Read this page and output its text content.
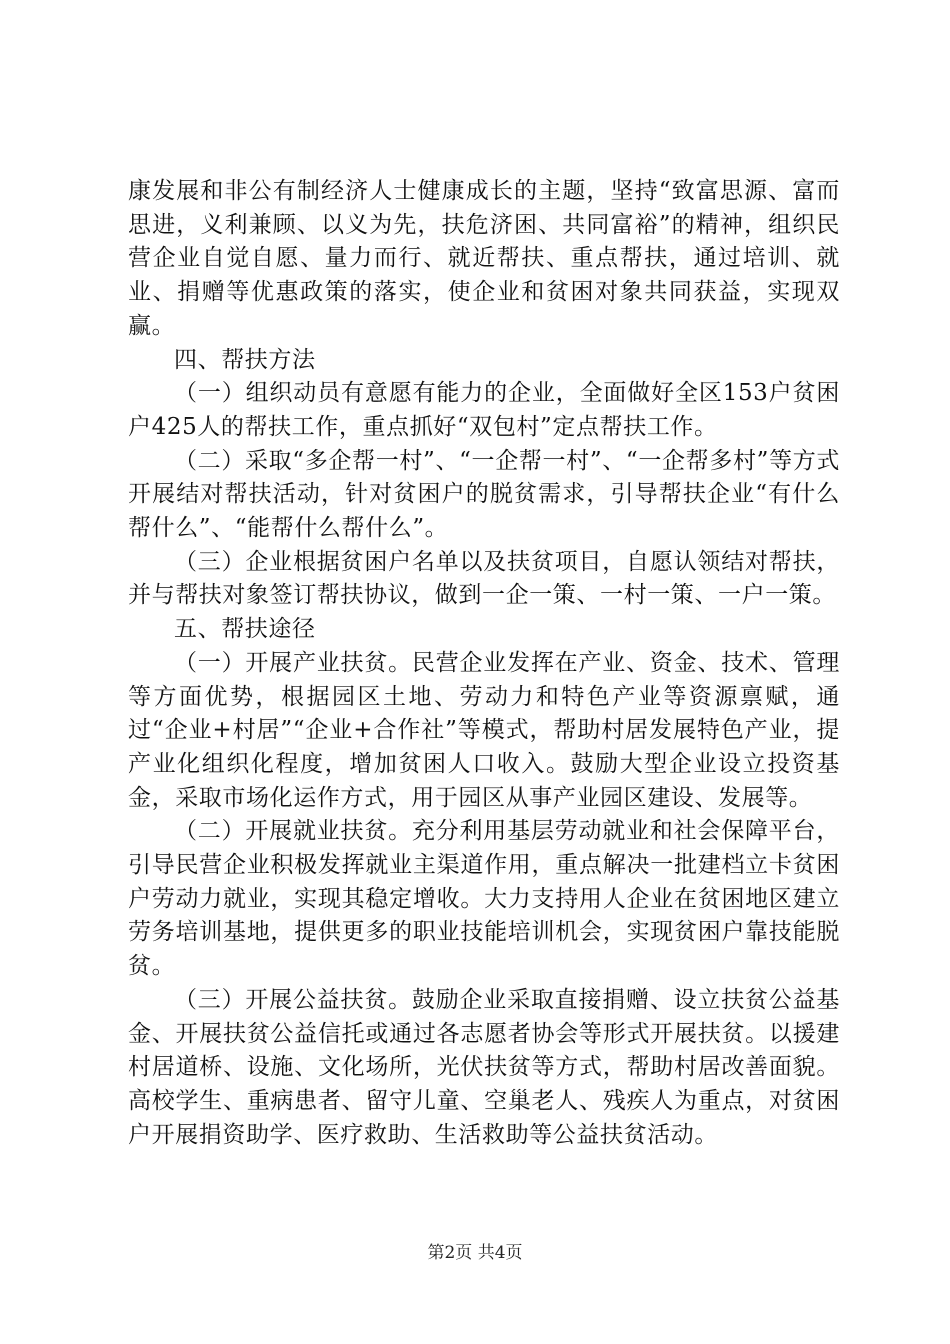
康发展和非公有制经济人士健康成长的主题，坚持“致富思源、富而思进，义利兼顾、以义为先，扶危济困、共同富裕”的精神，组织民营企业自觉自愿、量力而行、就近帮扶、重点帮扶，通过培训、就业、捐赠等优惠政策的落实，使企业和贫困对象共同获益，实现双赢。

四、帮扶方法

（一）组织动员有意愿有能力的企业，全面做好全区153户贫困户425人的帮扶工作，重点抓好“双包村”定点帮扶工作。

（二）采取“多企帮一村”、“一企帮一村”、“一企帮多村”等方式开展结对帮扶活动，针对贫困户的脱贫需求，引导帮扶企业“有什么帮什么”、“能帮什么帮什么”。

（三）企业根据贫困户名单以及扶贫项目，自愿认领结对帮扶，并与帮扶对象签订帮扶协议，做到一企一策、一村一策、一户一策。

五、帮扶途径

（一）开展产业扶贫。民营企业发挥在产业、资金、技术、管理等方面优势，根据园区土地、劳动力和特色产业等资源禀赋，通过“企业+村居”“企业+合作社”等模式，帮助村居发展特色产业，提产业化组织化程度，增加贫困人口收入。鼓励大型企业设立投资基金，采取市场化运作方式，用于园区从事产业园区建设、发展等。

（二）开展就业扶贫。充分利用基层劳动就业和社会保障平台，引导民营企业积极发挥就业主渠道作用，重点解决一批建档立卡贫困户劳动力就业，实现其稳定增收。大力支持用人企业在贫困地区建立劳务培训基地，提供更多的职业技能培训机会，实现贫困户靠技能脱贫。

（三）开展公益扶贫。鼓励企业采取直接捐赠、设立扶贫公益基金、开展扶贫公益信托或通过各志愿者协会等形式开展扶贫。以援建村居道桥、设施、文化场所，光伏扶贫等方式，帮助村居改善面貌。高校学生、重病患者、留守儿童、空巢老人、残疾人为重点，对贫困户开展捐资助学、医疗救助、生活救助等公益扶贫活动。

第2页 共4页
